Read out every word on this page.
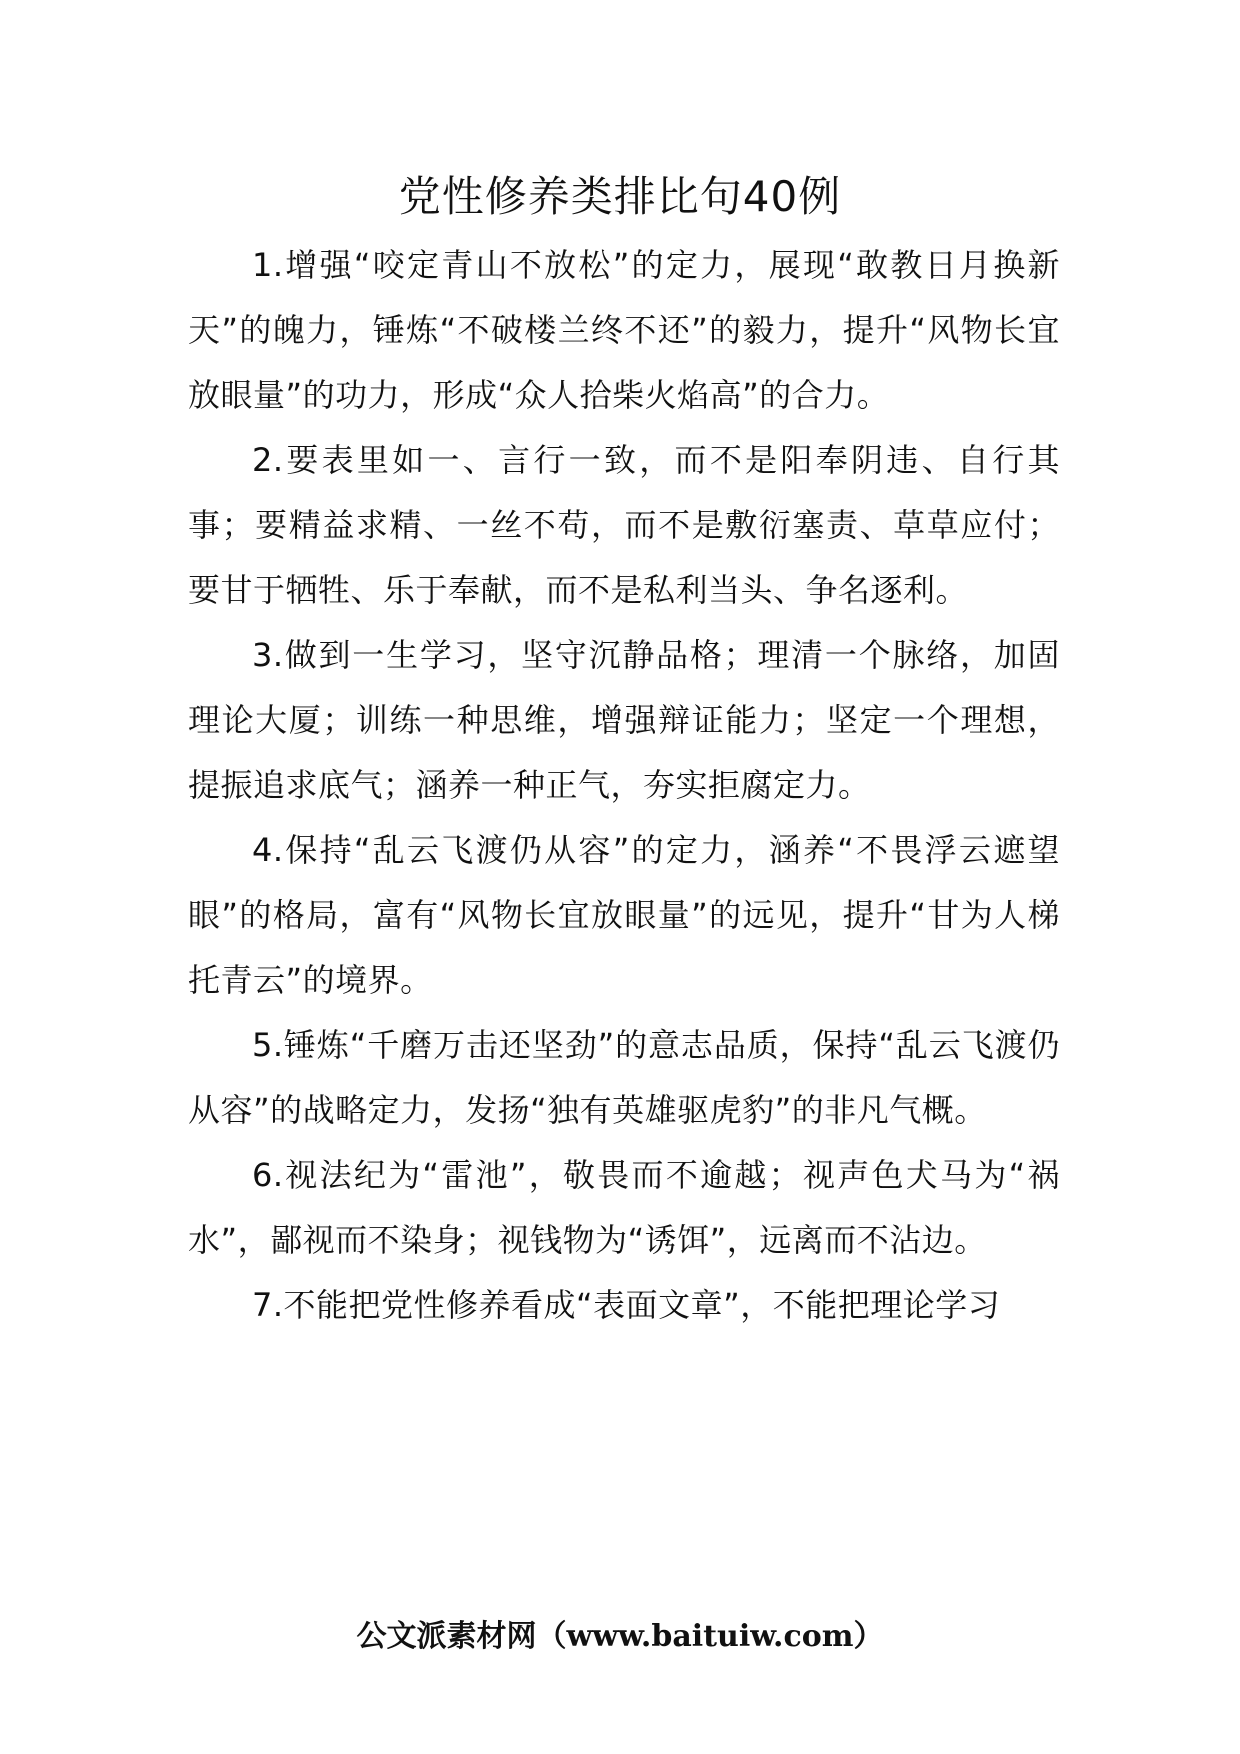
党性修养类排比句40例

1.增强“咬定青山不放松”的定力，展现“敢教日月换新天”的魄力，锤炼“不破楼兰终不还”的毅力，提升“风物长宜放眼量”的功力，形成“众人拾柴火焰高”的合力。

2.要表里如一、言行一致，而不是阳奉阴违、自行其事；要精益求精、一丝不苟，而不是敷衍塞责、草草应付；要甘于牺牲、乐于奉献，而不是私利当头、争名逐利。

3.做到一生学习，坚守沉静品格；理清一个脉络，加固理论大厦；训练一种思维，增强辩证能力；坚定一个理想，提振追求底气；涵养一种正气，夯实拒腐定力。

4.保持“乱云飞渡仍从容”的定力，涵养“不畏浮云遮望眼”的格局，富有“风物长宜放眼量”的远见，提升“甘为人梯托青云”的境界。

5.锤炼“千磨万击还坚劲”的意志品质，保持“乱云飞渡仍从容”的战略定力，发扬“独有英雄驱虎豹”的非凡气概。

6.视法纪为“雷池”，敬畏而不逾越；视声色犬马为“祸水”，鄙视而不染身；视钱物为“诱饵”，远离而不沾边。

7.不能把党性修养看成“表面文章”，不能把理论学习

公文派素材网（www.baituiw.com）
